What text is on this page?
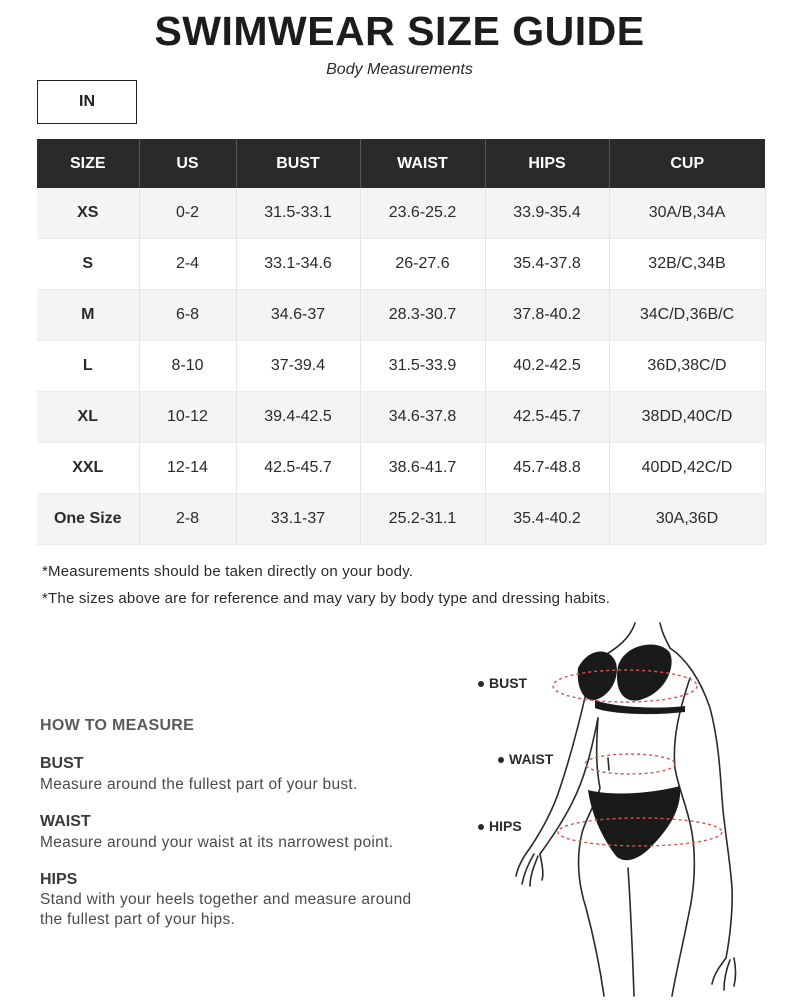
SWIMWEAR SIZE GUIDE
Body Measurements
IN
SIZE	US	BUST	WAIST	HIPS	CUP
XS	0-2	31.5-33.1	23.6-25.2	33.9-35.4	30A/B,34A
S	2-4	33.1-34.6	26-27.6	35.4-37.8	32B/C,34B
M	6-8	34.6-37	28.3-30.7	37.8-40.2	34C/D,36B/C
L	8-10	37-39.4	31.5-33.9	40.2-42.5	36D,38C/D
XL	10-12	39.4-42.5	34.6-37.8	42.5-45.7	38DD,40C/D
XXL	12-14	42.5-45.7	38.6-41.7	45.7-48.8	40DD,42C/D
One Size	2-8	33.1-37	25.2-31.1	35.4-40.2	30A,36D
*Measurements should be taken directly on your body.
*The sizes above are for reference and may vary by body type and dressing habits.
HOW TO MEASURE
BUST
Measure around the fullest part of your bust.
WAIST
Measure around your waist at its narrowest point.
HIPS
Stand with your heels together and measure around
the fullest part of your hips.
BUST
WAIST
HIPS
